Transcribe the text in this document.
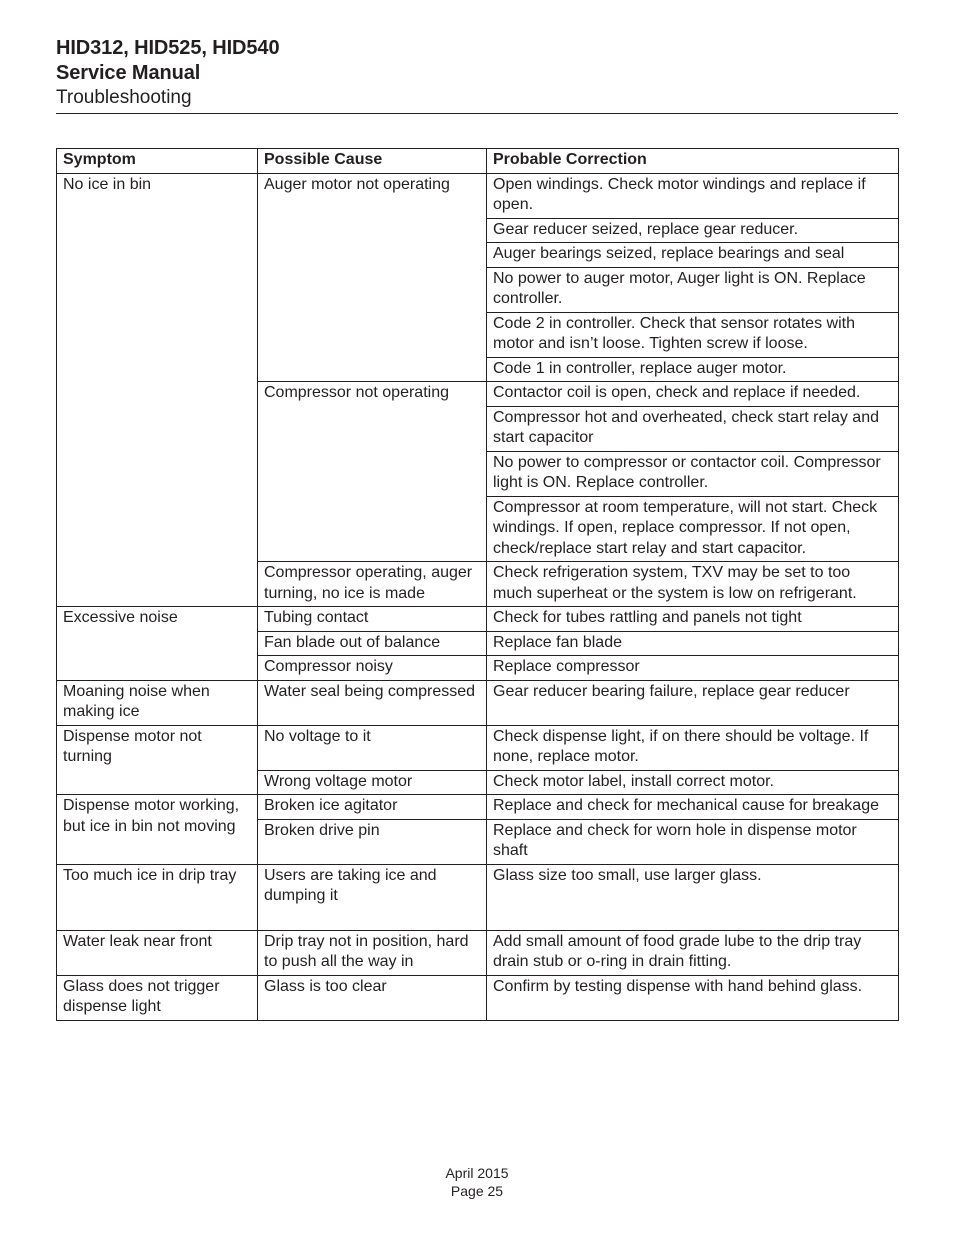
HID312, HID525, HID540

Service Manual

Troubleshooting

Symptom	Possible Cause	Probable Correction
No ice in bin	Auger motor not operating	Open windings. Check motor windings and replace if open.
		Gear reducer seized, replace gear reducer.
		Auger bearings seized, replace bearings and seal
		No power to auger motor, Auger light is ON. Replace controller.
		Code 2 in controller. Check that sensor rotates with motor and isn’t loose. Tighten screw if loose.
		Code 1 in controller, replace auger motor.
	Compressor not operating	Contactor coil is open, check and replace if needed.
		Compressor hot and overheated, check start relay and start capacitor
		No power to compressor or contactor coil. Compressor light is ON. Replace controller.
		Compressor at room temperature, will not start. Check windings. If open, replace compressor. If not open, check/replace start relay and start capacitor.
	Compressor operating, auger turning, no ice is made	Check refrigeration system, TXV may be set to too much superheat or the system is low on refrigerant.
Excessive noise	Tubing contact	Check for tubes rattling and panels not tight
	Fan blade out of balance	Replace fan blade
	Compressor noisy	Replace compressor
Moaning noise when making ice	Water seal being compressed	Gear reducer bearing failure, replace gear reducer
Dispense motor not turning	No voltage to it	Check dispense light, if on there should be voltage. If none, replace motor.
	Wrong voltage motor	Check motor label, install correct motor.
Dispense motor working, but ice in bin not moving	Broken ice agitator	Replace and check for mechanical cause for breakage
	Broken drive pin	Replace and check for worn hole in dispense motor shaft
Too much ice in drip tray	Users are taking ice and dumping it	Glass size too small, use larger glass.
Water leak near front	Drip tray not in position, hard to push all the way in	Add small amount of food grade lube to the drip tray drain stub or o-ring in drain fitting.
Glass does not trigger dispense light	Glass is too clear	Confirm by testing dispense with hand behind glass.
April 2015
Page 25
